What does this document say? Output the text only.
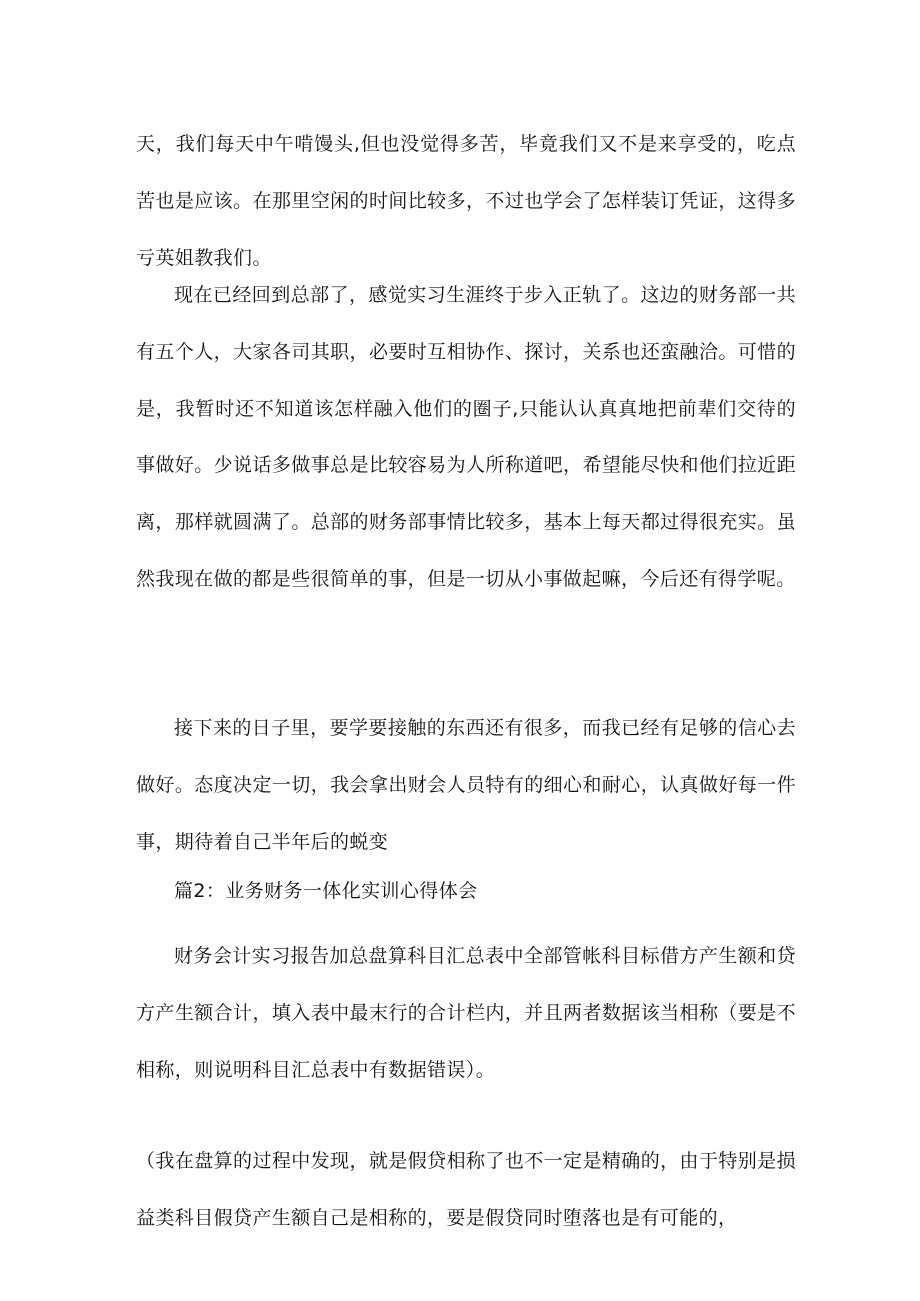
天，我们每天中午啃馒头,但也没觉得多苦，毕竟我们又不是来享受的，吃点苦也是应该。在那里空闲的时间比较多，不过也学会了怎样装订凭证，这得多亏英姐教我们。

现在已经回到总部了，感觉实习生涯终于步入正轨了。这边的财务部一共有五个人，大家各司其职，必要时互相协作、探讨，关系也还蛮融洽。可惜的是，我暂时还不知道该怎样融入他们的圈子,只能认认真真地把前辈们交待的事做好。少说话多做事总是比较容易为人所称道吧，希望能尽快和他们拉近距离，那样就圆满了。总部的财务部事情比较多，基本上每天都过得很充实。虽然我现在做的都是些很简单的事，但是一切从小事做起嘛，今后还有得学呢。

接下来的日子里，要学要接触的东西还有很多，而我已经有足够的信心去做好。态度决定一切，我会拿出财会人员特有的细心和耐心，认真做好每一件事，期待着自己半年后的蜕变

篇2：业务财务一体化实训心得体会

财务会计实习报告加总盘算科目汇总表中全部管帐科目标借方产生额和贷方产生额合计，填入表中最末行的合计栏内，并且两者数据该当相称（要是不相称，则说明科目汇总表中有数据错误）。

（我在盘算的过程中发现，就是假贷相称了也不一定是精确的，由于特别是损益类科目假贷产生额自己是相称的，要是假贷同时堕落也是有可能的，
